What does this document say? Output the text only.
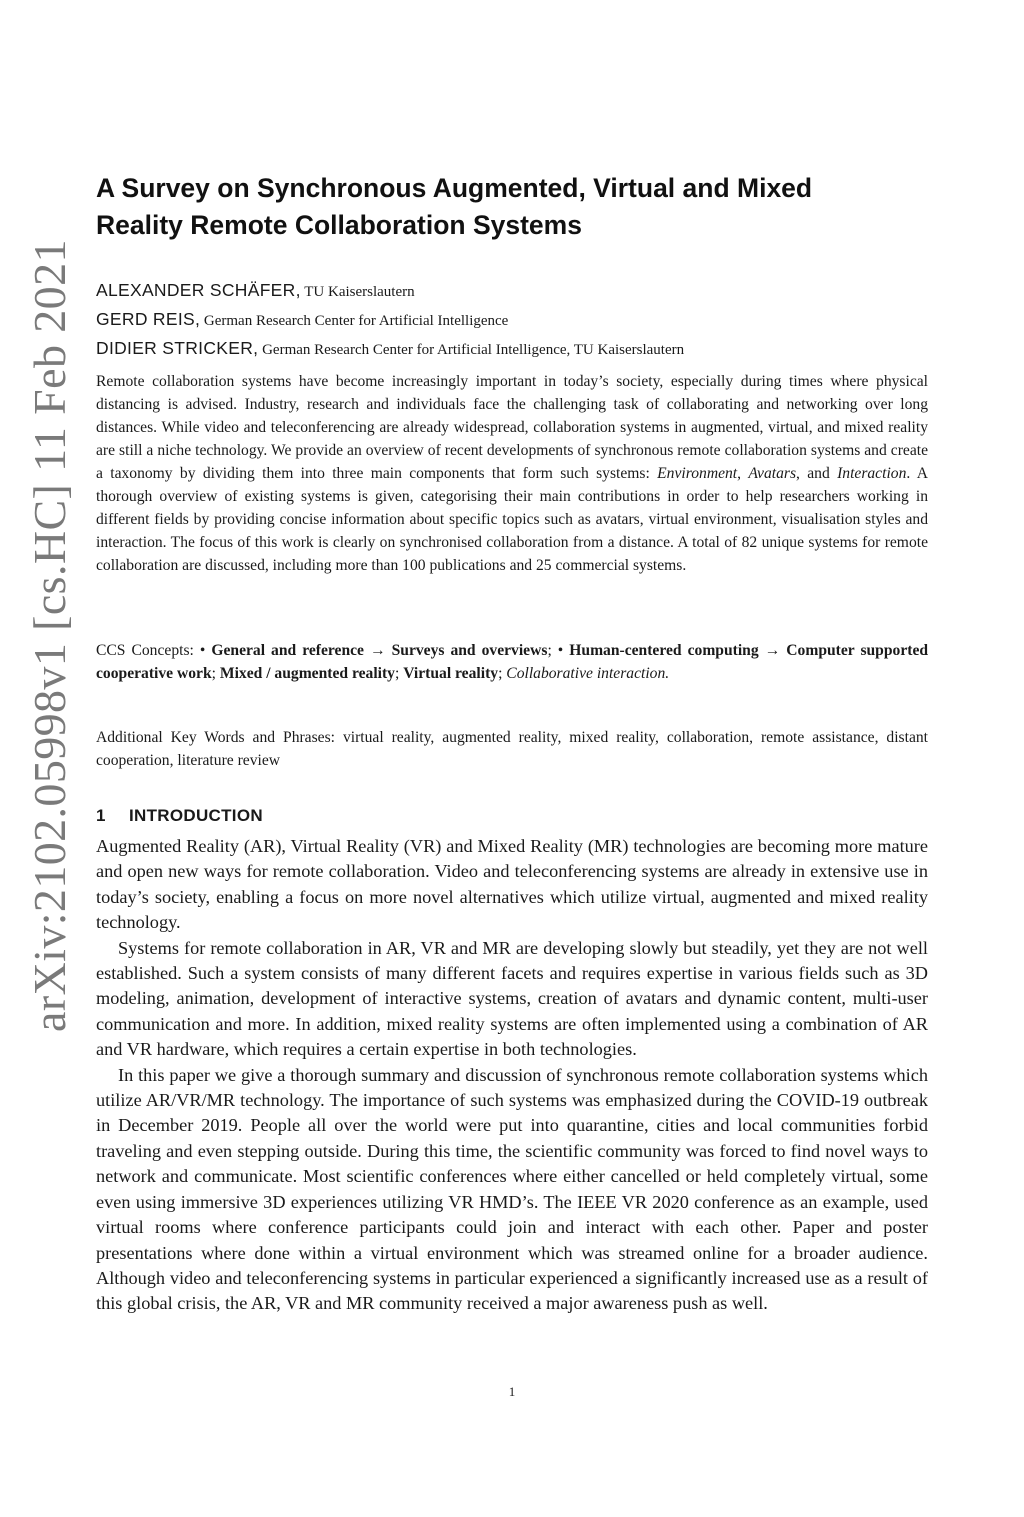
arXiv:2102.05998v1 [cs.HC] 11 Feb 2021
A Survey on Synchronous Augmented, Virtual and Mixed
Reality Remote Collaboration Systems
ALEXANDER SCHÄFER, TU Kaiserslautern
GERD REIS, German Research Center for Artificial Intelligence
DIDIER STRICKER, German Research Center for Artificial Intelligence, TU Kaiserslautern

Remote collaboration systems have become increasingly important in today’s society, especially during times where physical distancing is advised. Industry, research and individuals face the challenging task of collaborating and networking over long distances. While video and teleconferencing are already widespread, collaboration systems in augmented, virtual, and mixed reality are still a niche technology. We provide an overview of recent developments of synchronous remote collaboration systems and create a taxonomy by dividing them into three main components that form such systems: Environment, Avatars, and Interaction. A thorough overview of existing systems is given, categorising their main contributions in order to help researchers working in different fields by providing concise information about specific topics such as avatars, virtual environment, visualisation styles and interaction. The focus of this work is clearly on synchronised collaboration from a distance. A total of 82 unique systems for remote collaboration are discussed, including more than 100 publications and 25 commercial systems.

CCS Concepts: • General and reference → Surveys and overviews; • Human-centered computing → Computer supported cooperative work; Mixed / augmented reality; Virtual reality; Collaborative interaction.
Additional Key Words and Phrases: virtual reality, augmented reality, mixed reality, collaboration, remote assistance, distant cooperation, literature review
1 INTRODUCTION

Augmented Reality (AR), Virtual Reality (VR) and Mixed Reality (MR) technologies are becoming more mature and open new ways for remote collaboration. Video and teleconferencing systems are already in extensive use in today’s society, enabling a focus on more novel alternatives which utilize virtual, augmented and mixed reality technology.

Systems for remote collaboration in AR, VR and MR are developing slowly but steadily, yet they are not well established. Such a system consists of many different facets and requires expertise in various fields such as 3D modeling, animation, development of interactive systems, creation of avatars and dynamic content, multi-user communication and more. In addition, mixed reality systems are often implemented using a combination of AR and VR hardware, which requires a certain expertise in both technologies.

In this paper we give a thorough summary and discussion of synchronous remote collaboration systems which utilize AR/VR/MR technology. The importance of such systems was emphasized during the COVID-19 outbreak in December 2019. People all over the world were put into quarantine, cities and local communities forbid traveling and even stepping outside. During this time, the scientific community was forced to find novel ways to network and communicate. Most scientific conferences where either cancelled or held completely virtual, some even using immersive 3D experiences utilizing VR HMD’s. The IEEE VR 2020 conference as an example, used virtual rooms where conference participants could join and interact with each other. Paper and poster presentations where done within a virtual environment which was streamed online for a broader audience. Although video and teleconferencing systems in particular experienced a significantly increased use as a result of this global crisis, the AR, VR and MR community received a major awareness push as well.

1
